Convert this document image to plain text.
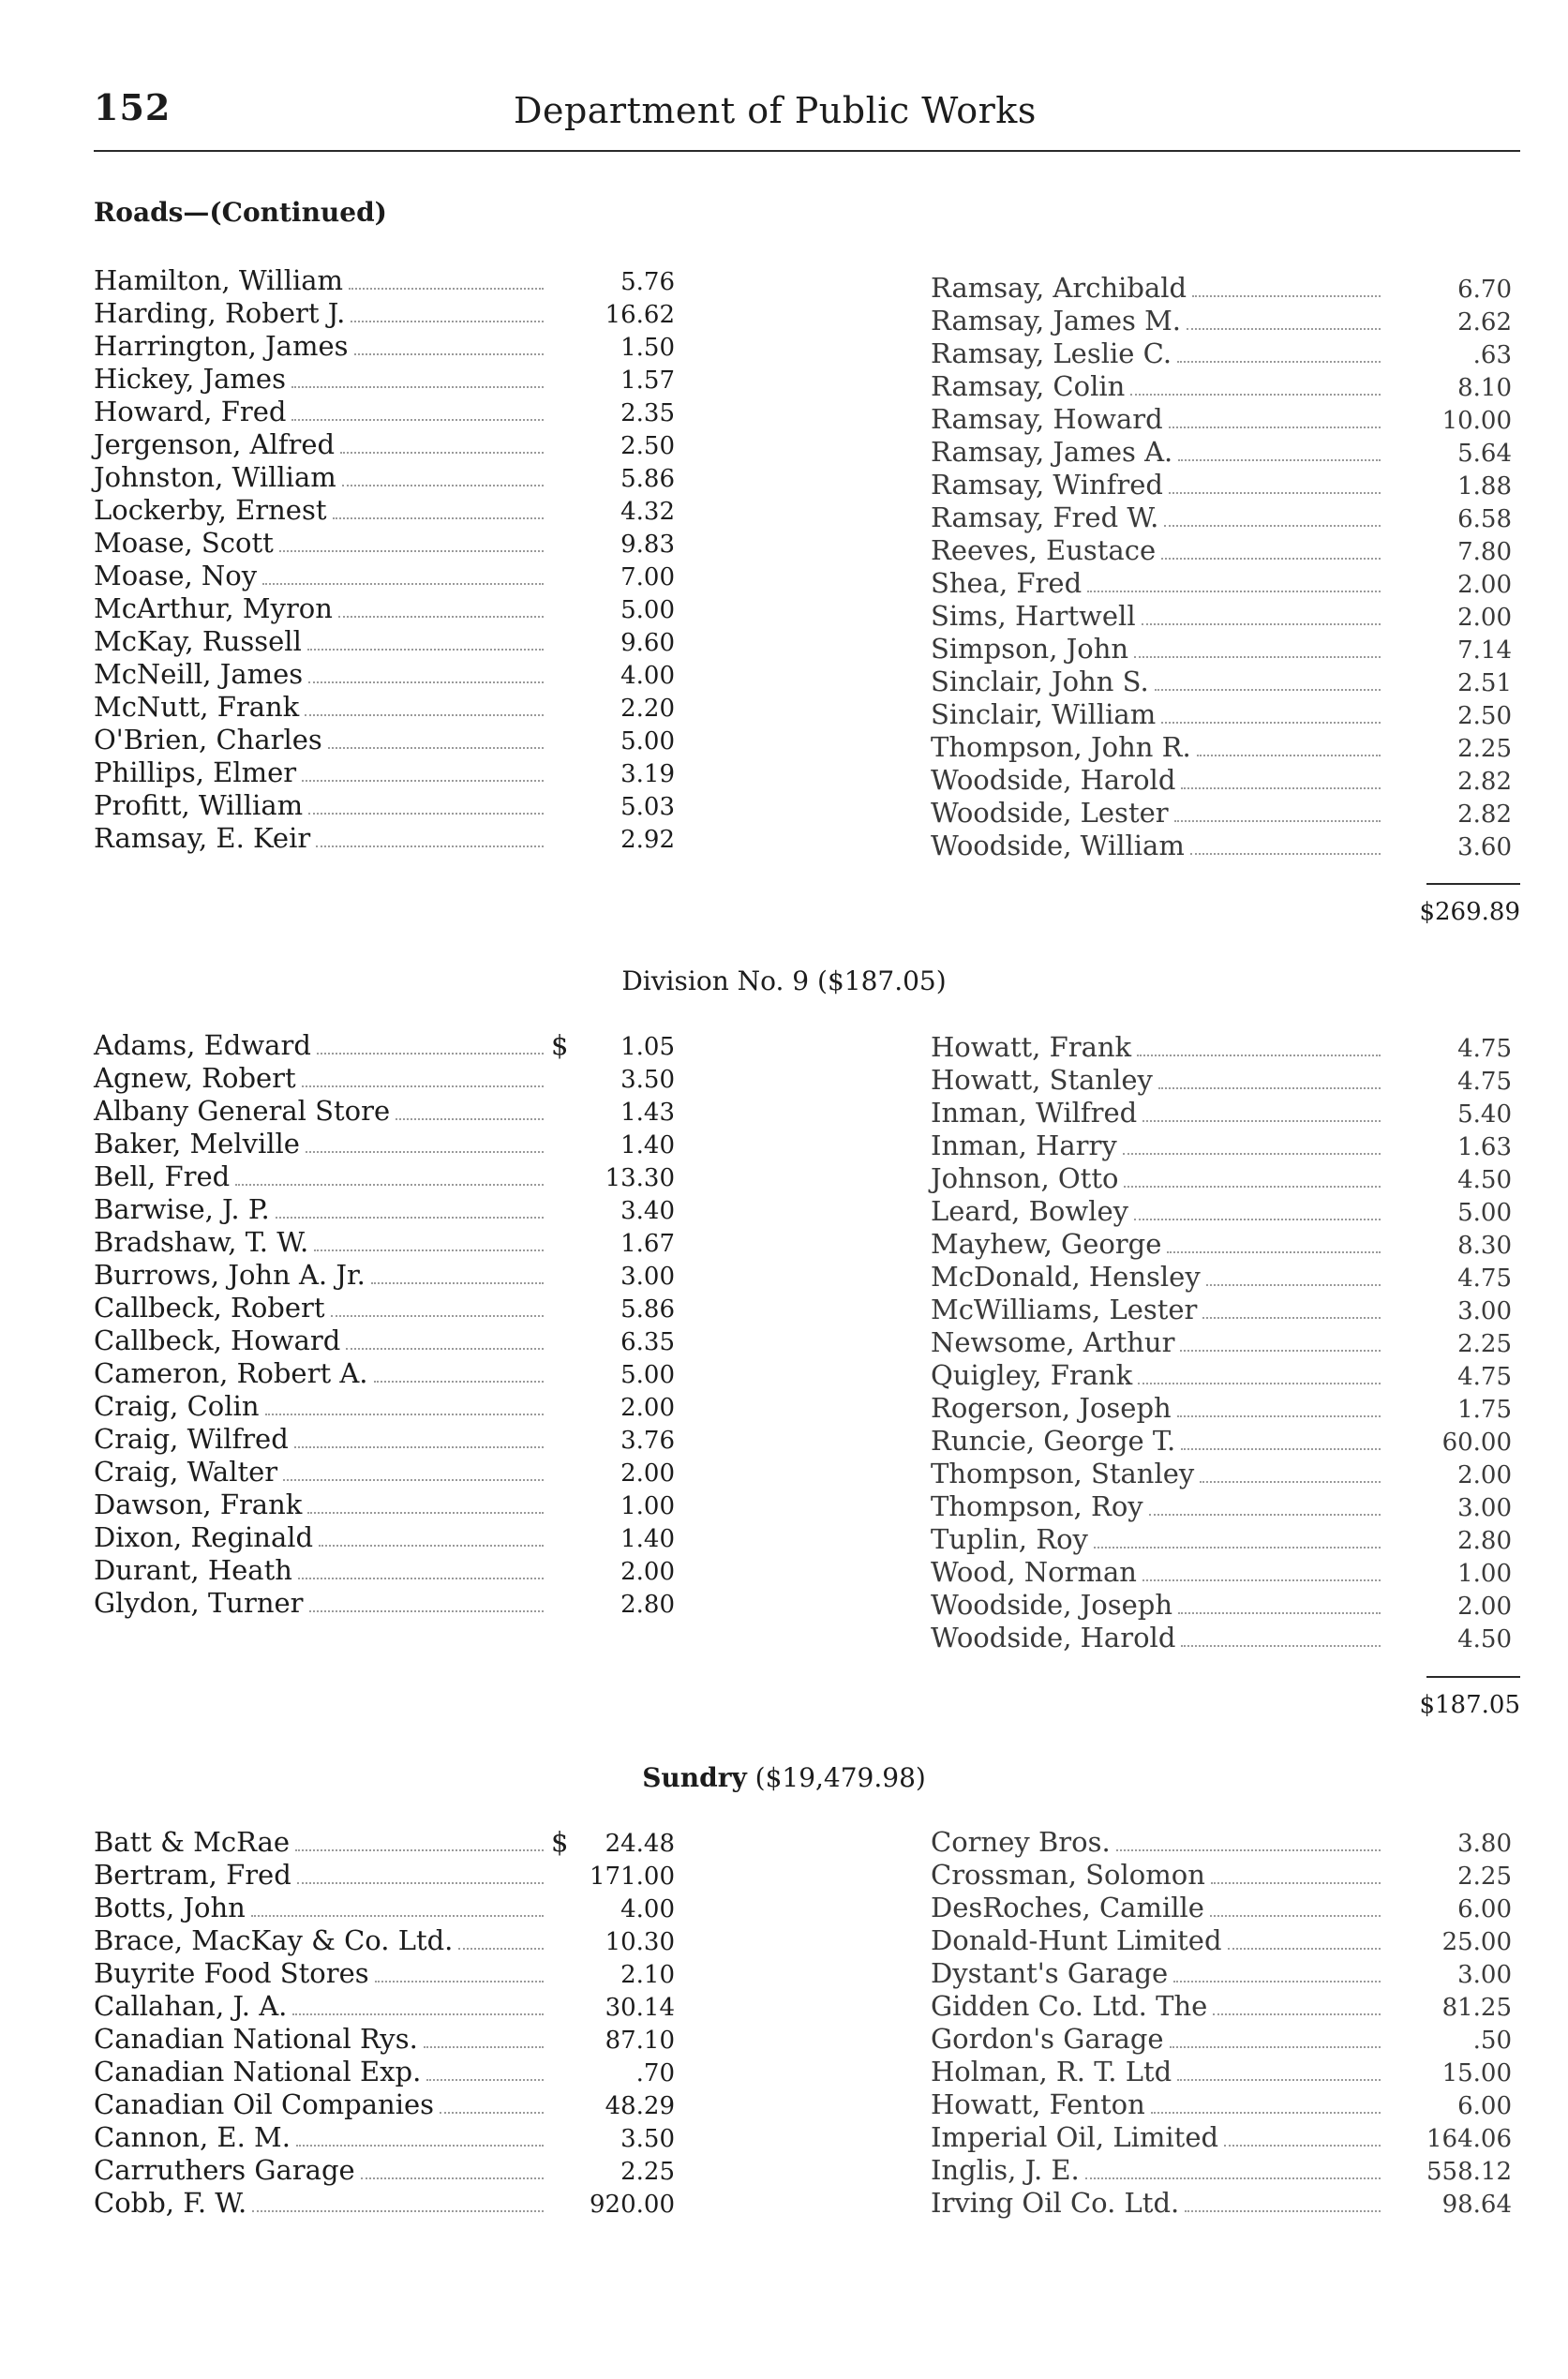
152	Department of Public Works
Roads—(Continued)
Hamilton, William	5.76
Harding, Robert J.	16.62
Harrington, James	1.50
Hickey, James	1.57
Howard, Fred	2.35
Jergenson, Alfred	2.50
Johnston, William	5.86
Lockerby, Ernest	4.32
Moase, Scott	9.83
Moase, Noy	7.00
McArthur, Myron	5.00
McKay, Russell	9.60
McNeill, James	4.00
McNutt, Frank	2.20
O'Brien, Charles	5.00
Phillips, Elmer	3.19
Profitt, William	5.03
Ramsay, E. Keir	2.92
Ramsay, Archibald	6.70
Ramsay, James M.	2.62
Ramsay, Leslie C.	.63
Ramsay, Colin	8.10
Ramsay, Howard	10.00
Ramsay, James A.	5.64
Ramsay, Winfred	1.88
Ramsay, Fred W.	6.58
Reeves, Eustace	7.80
Shea, Fred	2.00
Sims, Hartwell	2.00
Simpson, John	7.14
Sinclair, John S.	2.51
Sinclair, William	2.50
Thompson, John R.	2.25
Woodside, Harold	2.82
Woodside, Lester	2.82
Woodside, William	3.60
$269.89
Division No. 9 ($187.05)
Adams, Edward	$	1.05
Agnew, Robert	3.50
Albany General Store	1.43
Baker, Melville	1.40
Bell, Fred	13.30
Barwise, J. P.	3.40
Bradshaw, T. W.	1.67
Burrows, John A. Jr.	3.00
Callbeck, Robert	5.86
Callbeck, Howard	6.35
Cameron, Robert A.	5.00
Craig, Colin	2.00
Craig, Wilfred	3.76
Craig, Walter	2.00
Dawson, Frank	1.00
Dixon, Reginald	1.40
Durant, Heath	2.00
Glydon, Turner	2.80
Howatt, Frank	4.75
Howatt, Stanley	4.75
Inman, Wilfred	5.40
Inman, Harry	1.63
Johnson, Otto	4.50
Leard, Bowley	5.00
Mayhew, George	8.30
McDonald, Hensley	4.75
McWilliams, Lester	3.00
Newsome, Arthur	2.25
Quigley, Frank	4.75
Rogerson, Joseph	1.75
Runcie, George T.	60.00
Thompson, Stanley	2.00
Thompson, Roy	3.00
Tuplin, Roy	2.80
Wood, Norman	1.00
Woodside, Joseph	2.00
Woodside, Harold	4.50
$187.05
Sundry ($19,479.98)
Batt & McRae	$	24.48
Bertram, Fred	171.00
Botts, John	4.00
Brace, MacKay & Co. Ltd.	10.30
Buyrite Food Stores	2.10
Callahan, J. A.	30.14
Canadian National Rys.	87.10
Canadian National Exp.	.70
Canadian Oil Companies	48.29
Cannon, E. M.	3.50
Carruthers Garage	2.25
Cobb, F. W.	920.00
Corney Bros.	3.80
Crossman, Solomon	2.25
DesRoches, Camille	6.00
Donald-Hunt Limited	25.00
Dystant's Garage	3.00
Gidden Co. Ltd. The	81.25
Gordon's Garage	.50
Holman, R. T. Ltd	15.00
Howatt, Fenton	6.00
Imperial Oil, Limited	164.06
Inglis, J. E.	558.12
Irving Oil Co. Ltd.	98.64
